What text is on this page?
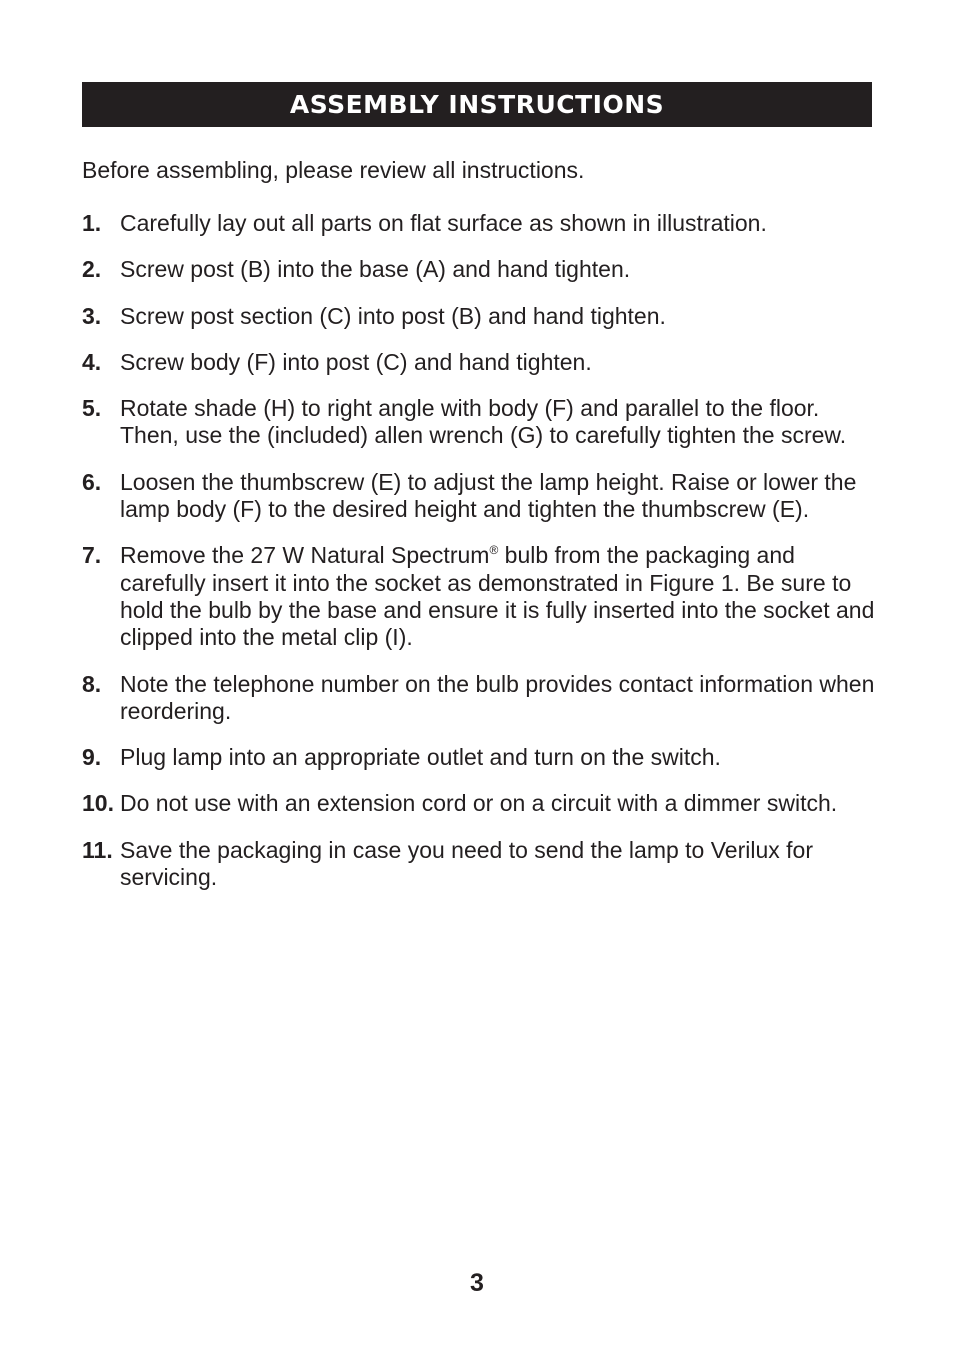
ASSEMBLY INSTRUCTIONS

Before assembling, please review all instructions.

1. Carefully lay out all parts on flat surface as shown in illustration.
2. Screw post (B) into the base (A) and hand tighten.
3. Screw post section (C) into post (B) and hand tighten.
4. Screw body (F) into post (C) and hand tighten.
5. Rotate shade (H) to right angle with body (F) and parallel to the floor. Then, use the (included) allen wrench (G) to carefully tighten the screw.
6. Loosen the thumbscrew (E) to adjust the lamp height. Raise or lower the lamp body (F) to the desired height and tighten the thumbscrew (E).
7. Remove the 27 W Natural Spectrum® bulb from the packaging and carefully insert it into the socket as demonstrated in Figure 1. Be sure to hold the bulb by the base and ensure it is fully inserted into the socket and clipped into the metal clip (I).
8. Note the telephone number on the bulb provides contact information when reordering.
9. Plug lamp into an appropriate outlet and turn on the switch.
10. Do not use with an extension cord or on a circuit with a dimmer switch.
11. Save the packaging in case you need to send the lamp to Verilux for servicing.
3
